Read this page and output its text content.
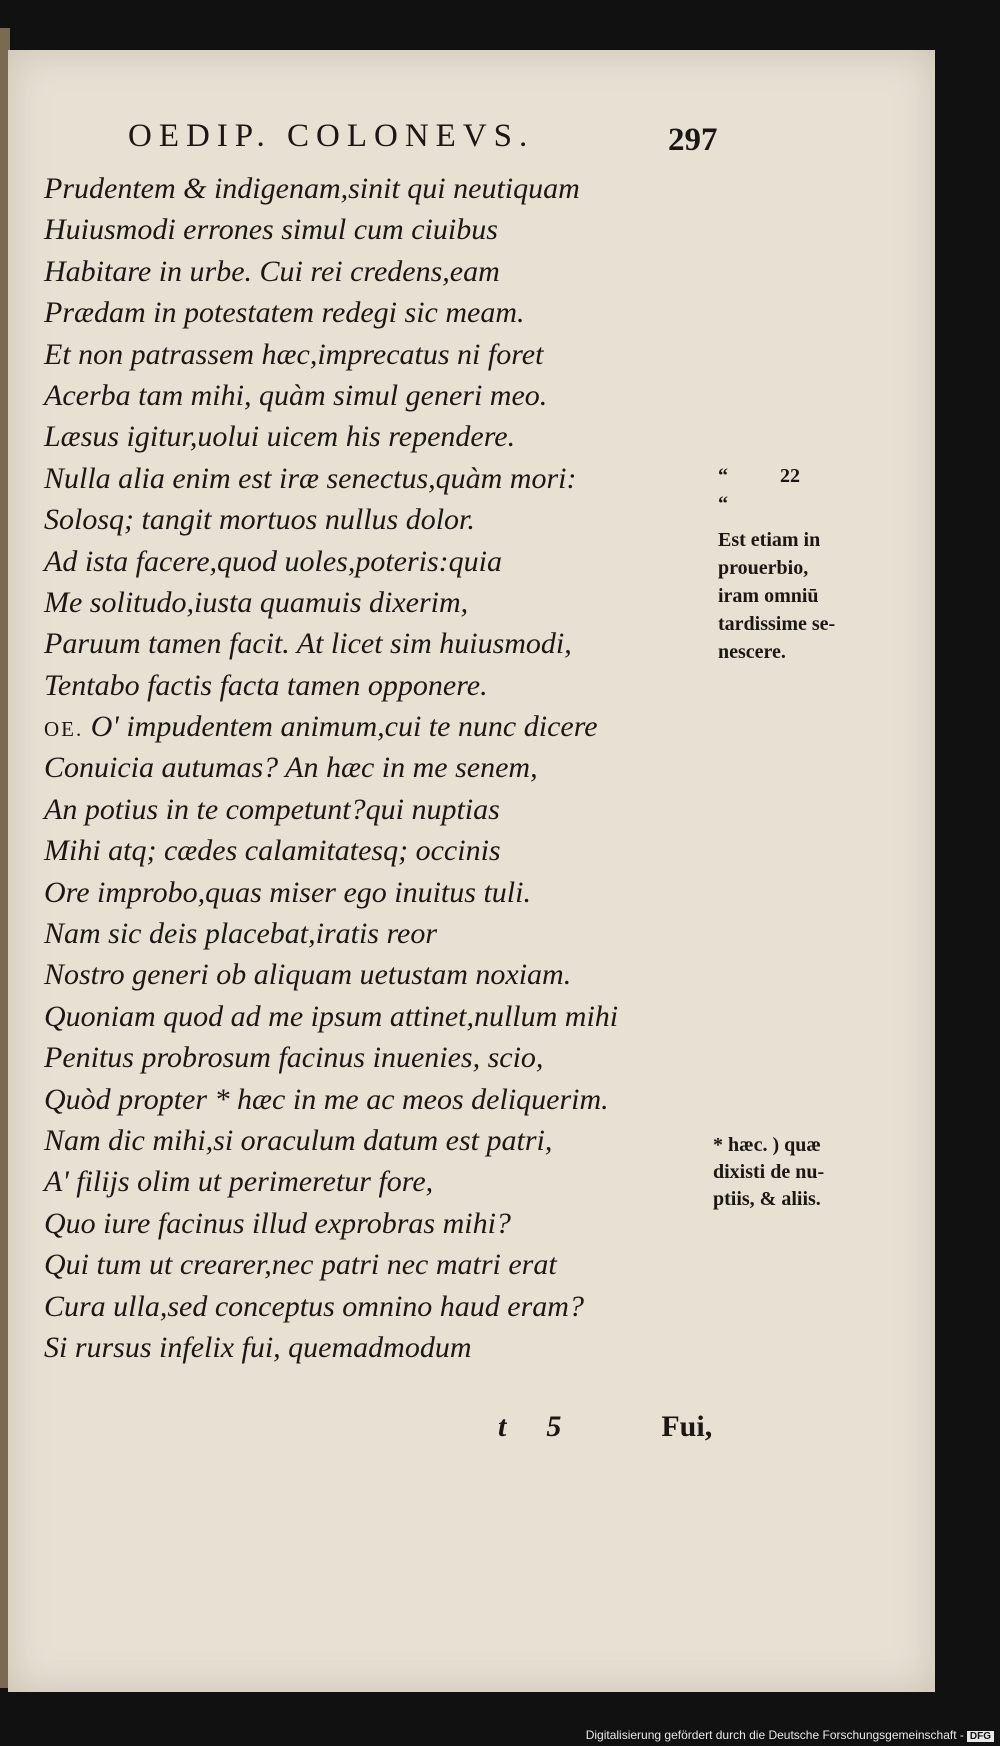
OEDIP. COLONEVS.	297
Prudentem & indigenam,sinit qui neutiquam
Huiusmodi errones simul cum ciuibus
Habitare in urbe. Cui rei credens,eam
Prædam in potestatem redegi sic meam.
Et non patrassem hæc,imprecatus ni foret
Acerba tam mihi, quàm simul generi meo.
Læsus igitur,uolui uicem his rependere.
Nulla alia enim est iræ senectus,quàm mori:
Solosq; tangit mortuos nullus dolor.
Ad ista facere,quod uoles,poteris:quia
Me solitudo,iusta quamuis dixerim,
Paruum tamen facit. At licet sim huiusmodi,
Tentabo factis facta tamen opponere.
OE. O' impudentem animum,cui te nunc dicere
Conuicia autumas? An hæc in me senem,
An potius in te competunt?qui nuptias
Mihi atq; cædes calamitatesq; occinis
Ore improbo,quas miser ego inuitus tuli.
Nam sic deis placebat,iratis reor
Nostro generi ob aliquam uetustam noxiam.
Quoniam quod ad me ipsum attinet,nullum mihi
Penitus probrosum facinus inuenies, scio,
Quòd propter * hæc in me ac meos deliquerim.
Nam dic mihi,si oraculum datum est patri,
A' filijs olim ut perimeretur fore,
Quo iure facinus illud exprobras mihi?
Qui tum ut crearer,nec patri nec matri erat
Cura ulla,sed conceptus omnino haud eram?
Si rursus infelix fui, quemadmodum
“	22
“
Est etiam in
prouerbio,
iram omniū
tardissime se-
nescere.
* hæc. ) quæ
dixisti de nu-
ptiis, & aliis.
t 5	Fui,
Digitalisierung gefördert durch die Deutsche Forschungsgemeinschaft - DFG
